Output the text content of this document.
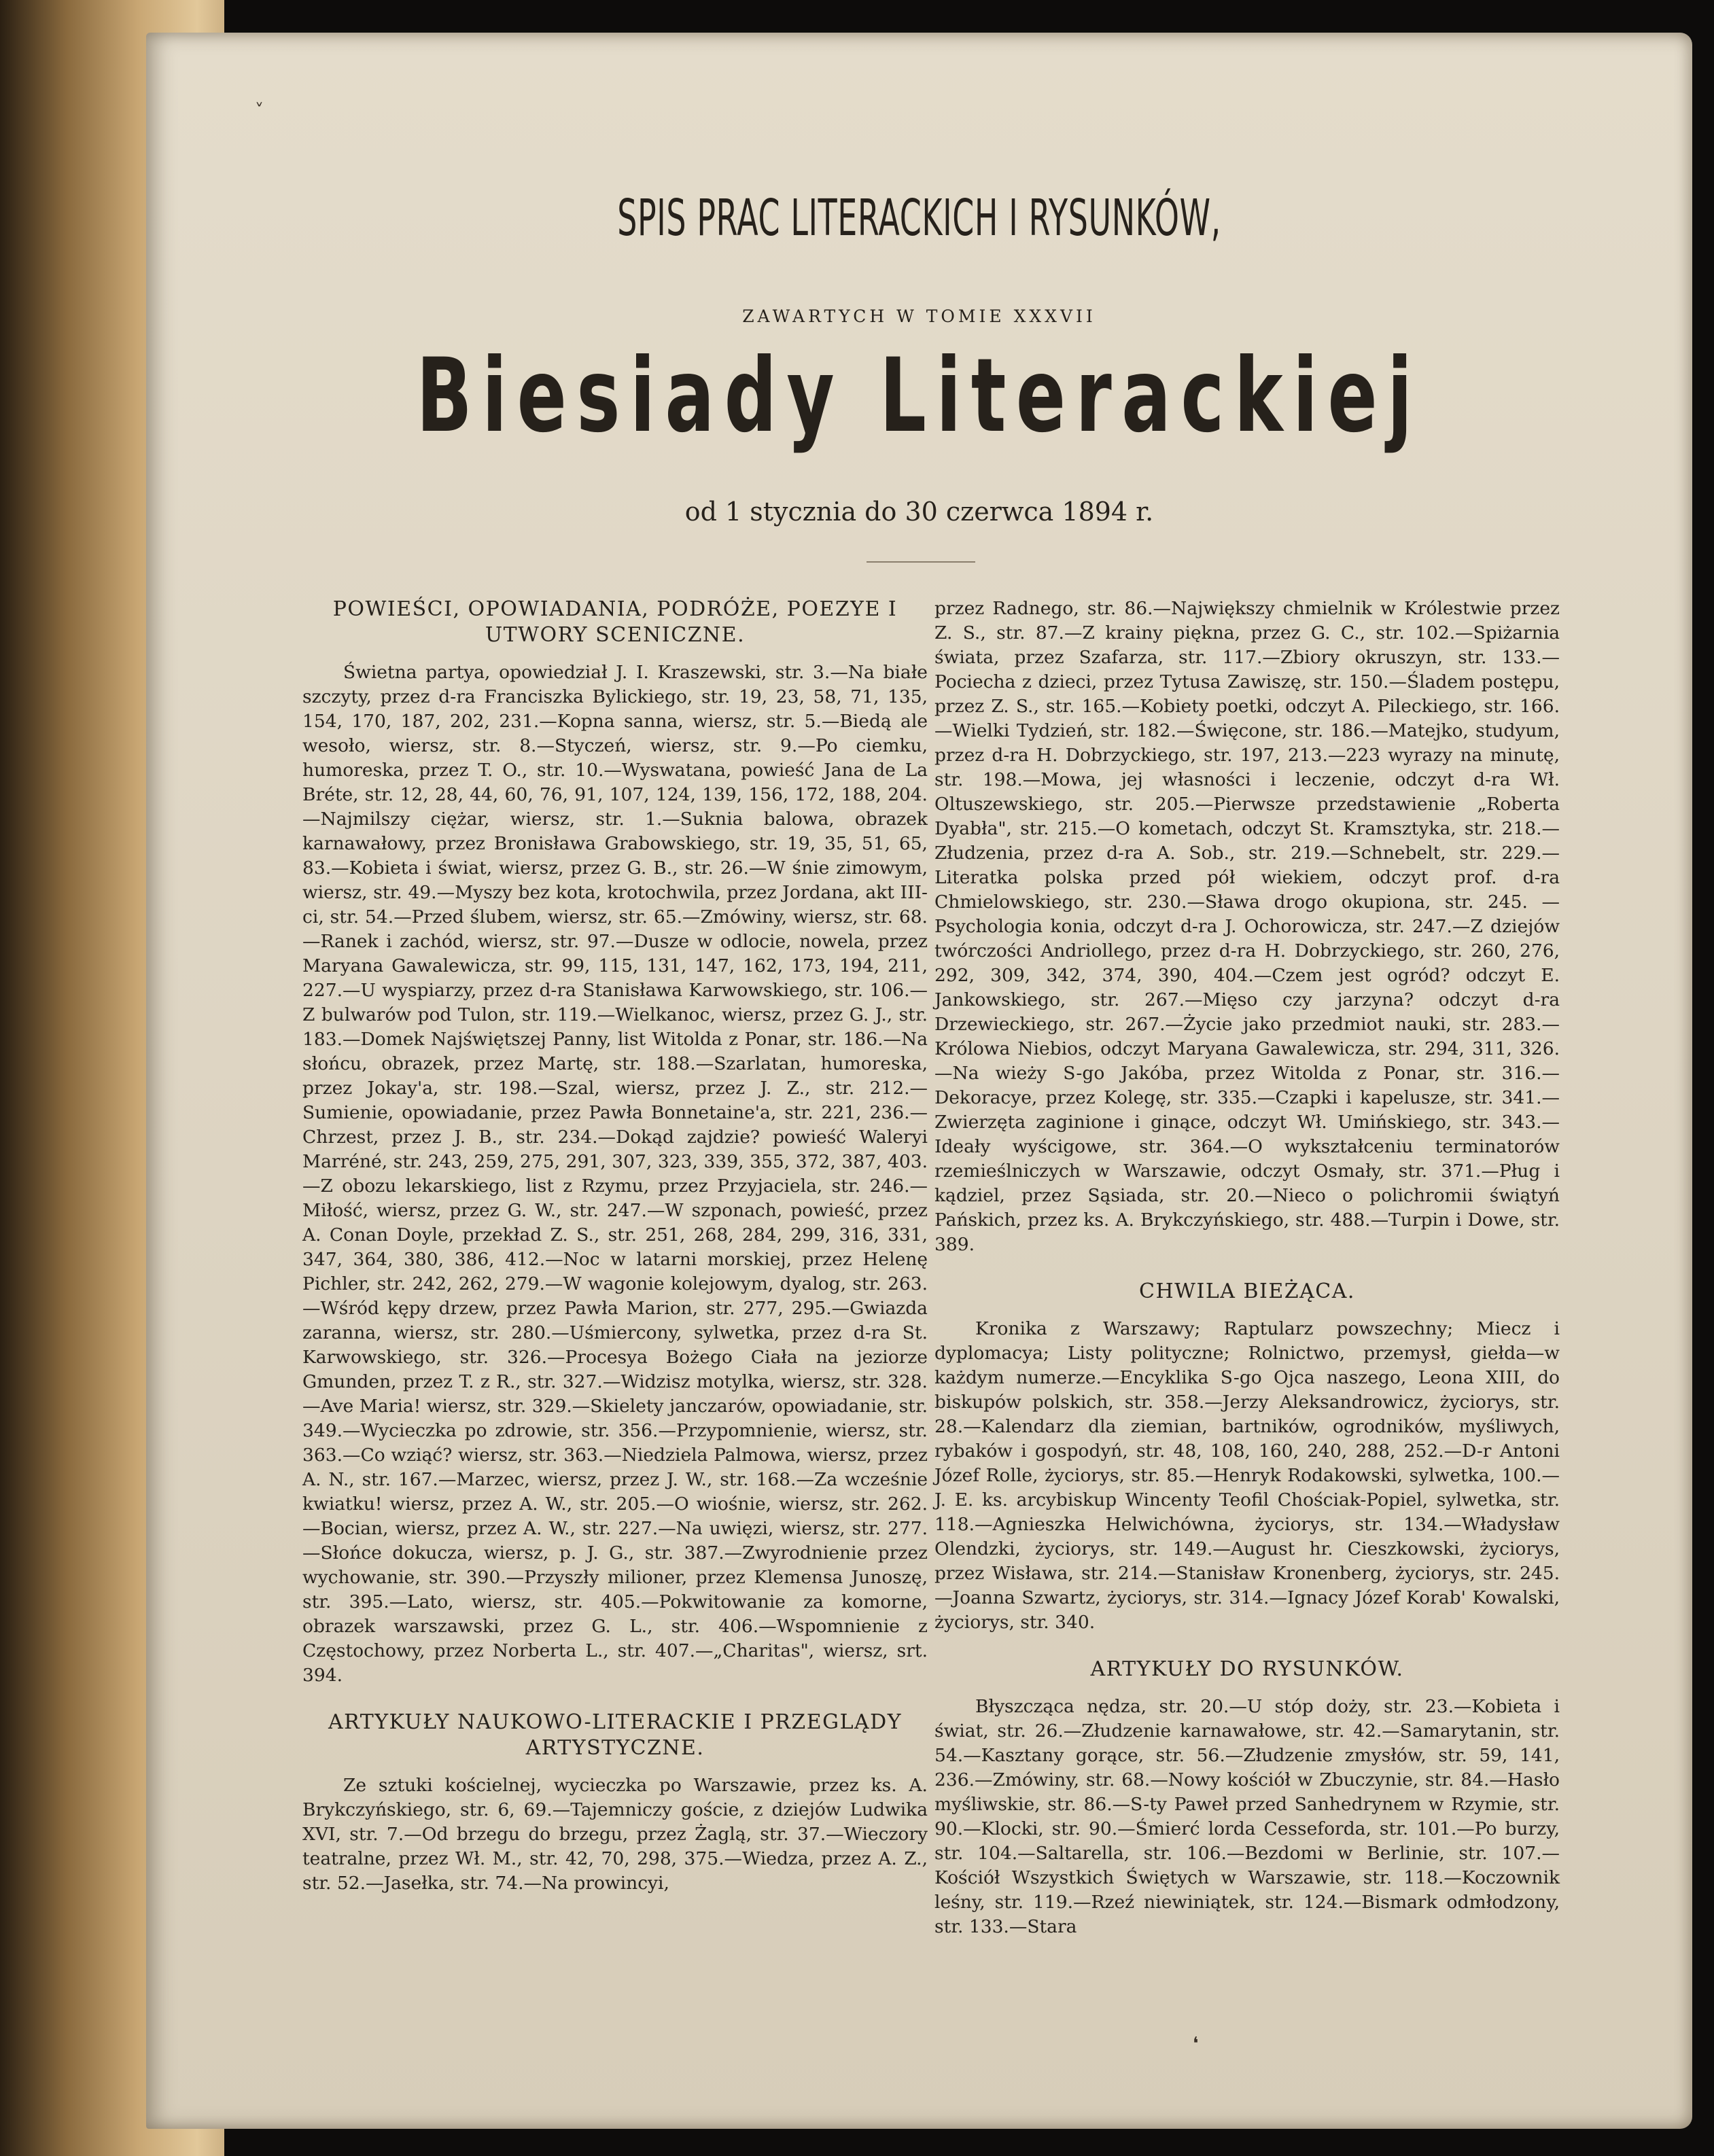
SPIS PRAC LITERACKICH I RYSUNKÓW,
ZAWARTYCH W TOMIE XXXVII
Biesiady Literackiej
od 1 stycznia do 30 czerwca 1894 r.
POWIEŚCI, OPOWIADANIA, PODRÓŻE, POEZYE I UTWORY SCENICZNE.

Świetna partya, opowiedział J. I. Kraszewski, str. 3.—Na białe szczyty, przez d-ra Franciszka Bylickiego, str. 19, 23, 58, 71, 135, 154, 170, 187, 202, 231.—Kopna sanna, wiersz, str. 5.—Biedą ale wesoło, wiersz, str. 8.—Styczeń, wiersz, str. 9.—Po ciemku, humoreska, przez T. O., str. 10.—Wyswatana, powieść Jana de La Bréte, str. 12, 28, 44, 60, 76, 91, 107, 124, 139, 156, 172, 188, 204.—Najmilszy ciężar, wiersz, str. 1.—Suknia balowa, obrazek karnawałowy, przez Bronisława Grabowskiego, str. 19, 35, 51, 65, 83.—Kobieta i świat, wiersz, przez G. B., str. 26.—W śnie zimowym, wiersz, str. 49.—Myszy bez kota, krotochwila, przez Jordana, akt III-ci, str. 54.—Przed ślubem, wiersz, str. 65.—Zmówiny, wiersz, str. 68.—Ranek i zachód, wiersz, str. 97.—Dusze w odlocie, nowela, przez Maryana Gawalewicza, str. 99, 115, 131, 147, 162, 173, 194, 211, 227.—U wyspiarzy, przez d-ra Stanisława Karwowskiego, str. 106.—Z bulwarów pod Tulon, str. 119.—Wielkanoc, wiersz, przez G. J., str. 183.—Domek Najświętszej Panny, list Witolda z Ponar, str. 186.—Na słońcu, obrazek, przez Martę, str. 188.—Szarlatan, humoreska, przez Jokay'a, str. 198.—Szal, wiersz, przez J. Z., str. 212.—Sumienie, opowiadanie, przez Pawła Bonnetaine'a, str. 221, 236.—Chrzest, przez J. B., str. 234.—Dokąd zajdzie? powieść Waleryi Marréné, str. 243, 259, 275, 291, 307, 323, 339, 355, 372, 387, 403.—Z obozu lekarskiego, list z Rzymu, przez Przyjaciela, str. 246.—Miłość, wiersz, przez G. W., str. 247.—W szponach, powieść, przez A. Conan Doyle, przekład Z. S., str. 251, 268, 284, 299, 316, 331, 347, 364, 380, 386, 412.—Noc w latarni morskiej, przez Helenę Pichler, str. 242, 262, 279.—W wagonie kolejowym, dyalog, str. 263.—Wśród kępy drzew, przez Pawła Marion, str. 277, 295.—Gwiazda zaranna, wiersz, str. 280.—Uśmiercony, sylwetka, przez d-ra St. Karwowskiego, str. 326.—Procesya Bożego Ciała na jeziorze Gmunden, przez T. z R., str. 327.—Widzisz motylka, wiersz, str. 328.—Ave Maria! wiersz, str. 329.—Skielety janczarów, opowiadanie, str. 349.—Wycieczka po zdrowie, str. 356.—Przypomnienie, wiersz, str. 363.—Co wziąć? wiersz, str. 363.—Niedziela Palmowa, wiersz, przez A. N., str. 167.—Marzec, wiersz, przez J. W., str. 168.—Za wcześnie kwiatku! wiersz, przez A. W., str. 205.—O wiośnie, wiersz, str. 262.—Bocian, wiersz, przez A. W., str. 227.—Na uwięzi, wiersz, str. 277.—Słońce dokucza, wiersz, p. J. G., str. 387.—Zwyrodnienie przez wychowanie, str. 390.—Przyszły milioner, przez Klemensa Junoszę, str. 395.—Lato, wiersz, str. 405.—Pokwitowanie za komorne, obrazek warszawski, przez G. L., str. 406.—Wspomnienie z Częstochowy, przez Norberta L., str. 407.—„Charitas", wiersz, srt. 394.

ARTYKUŁY NAUKOWO-LITERACKIE I PRZEGLĄDY ARTYSTYCZNE.

Ze sztuki kościelnej, wycieczka po Warszawie, przez ks. A. Brykczyńskiego, str. 6, 69.—Tajemniczy goście, z dziejów Ludwika XVI, str. 7.—Od brzegu do brzegu, przez Żaglą, str. 37.—Wieczory teatralne, przez Wł. M., str. 42, 70, 298, 375.—Wiedza, przez A. Z., str. 52.—Jasełka, str. 74.—Na prowincyi,

przez Radnego, str. 86.—Największy chmielnik w Królestwie przez Z. S., str. 87.—Z krainy piękna, przez G. C., str. 102.—Spiżarnia świata, przez Szafarza, str. 117.—Zbiory okruszyn, str. 133.—Pociecha z dzieci, przez Tytusa Zawiszę, str. 150.—Śladem postępu, przez Z. S., str. 165.—Kobiety poetki, odczyt A. Pileckiego, str. 166.—Wielki Tydzień, str. 182.—Święcone, str. 186.—Matejko, studyum, przez d-ra H. Dobrzyckiego, str. 197, 213.—223 wyrazy na minutę, str. 198.—Mowa, jej własności i leczenie, odczyt d-ra Wł. Oltuszewskiego, str. 205.—Pierwsze przedstawienie „Roberta Dyabła", str. 215.—O kometach, odczyt St. Kramsztyka, str. 218.—Złudzenia, przez d-ra A. Sob., str. 219.—Schnebelt, str. 229.—Literatka polska przed pół wiekiem, odczyt prof. d-ra Chmielowskiego, str. 230.—Sława drogo okupiona, str. 245. — Psychologia konia, odczyt d-ra J. Ochorowicza, str. 247.—Z dziejów twórczości Andriollego, przez d-ra H. Dobrzyckiego, str. 260, 276, 292, 309, 342, 374, 390, 404.—Czem jest ogród? odczyt E. Jankowskiego, str. 267.—Mięso czy jarzyna? odczyt d-ra Drzewieckiego, str. 267.—Życie jako przedmiot nauki, str. 283.—Królowa Niebios, odczyt Maryana Gawalewicza, str. 294, 311, 326.—Na wieży S-go Jakóba, przez Witolda z Ponar, str. 316.—Dekoracye, przez Kolegę, str. 335.—Czapki i kapelusze, str. 341.—Zwierzęta zaginione i ginące, odczyt Wł. Umińskiego, str. 343.—Ideały wyścigowe, str. 364.—O wykształceniu terminatorów rzemieślniczych w Warszawie, odczyt Osmały, str. 371.—Pług i kądziel, przez Sąsiada, str. 20.—Nieco o polichromii świątyń Pańskich, przez ks. A. Brykczyńskiego, str. 488.—Turpin i Dowe, str. 389.

CHWILA BIEŻĄCA.

Kronika z Warszawy; Raptularz powszechny; Miecz i dyplomacya; Listy polityczne; Rolnictwo, przemysł, giełda—w każdym numerze.—Encyklika S-go Ojca naszego, Leona XIII, do biskupów polskich, str. 358.—Jerzy Aleksandrowicz, życiorys, str. 28.—Kalendarz dla ziemian, bartników, ogrodników, myśliwych, rybaków i gospodyń, str. 48, 108, 160, 240, 288, 252.—D-r Antoni Józef Rolle, życiorys, str. 85.—Henryk Rodakowski, sylwetka, 100.—J. E. ks. arcybiskup Wincenty Teofil Chościak-Popiel, sylwetka, str. 118.—Agnieszka Helwichówna, życiorys, str. 134.—Władysław Olendzki, życiorys, str. 149.—August hr. Cieszkowski, życiorys, przez Wisława, str. 214.—Stanisław Kronenberg, życiorys, str. 245.—Joanna Szwartz, życiorys, str. 314.—Ignacy Józef Korab' Kowalski, życiorys, str. 340.

ARTYKUŁY DO RYSUNKÓW.

Błyszcząca nędza, str. 20.—U stóp doży, str. 23.—Kobieta i świat, str. 26.—Złudzenie karnawałowe, str. 42.—Samarytanin, str. 54.—Kasztany gorące, str. 56.—Złudzenie zmysłów, str. 59, 141, 236.—Zmówiny, str. 68.—Nowy kościół w Zbuczynie, str. 84.—Hasło myśliwskie, str. 86.—S-ty Paweł przed Sanhedrynem w Rzymie, str. 90.—Klocki, str. 90.—Śmierć lorda Cesseforda, str. 101.—Po burzy, str. 104.—Saltarella, str. 106.—Bezdomi w Berlinie, str. 107.—Kościół Wszystkich Świętych w Warszawie, str. 118.—Koczownik leśny, str. 119.—Rzeź niewiniątek, str. 124.—Bismark odmłodzony, str. 133.—Stara

˅
❛
